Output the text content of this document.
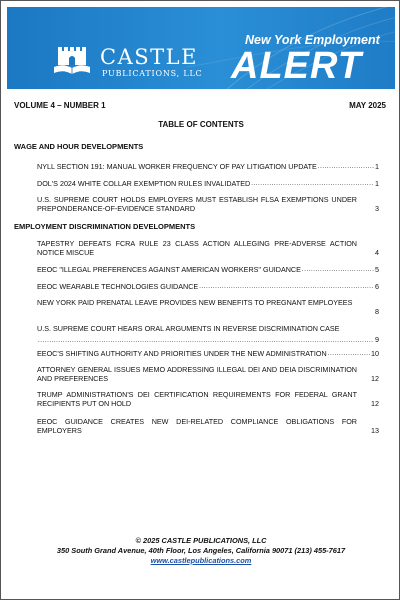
CASTLE
PUBLICATIONS, LLC
New York Employment
ALERT
VOLUME 4 – NUMBER 1	MAY 2025
TABLE OF CONTENTS
WAGE AND HOUR DEVELOPMENTS
NYLL SECTION 191: MANUAL WORKER FREQUENCY OF PAY LITIGATION UPDATE .....	1
DOL'S 2024 WHITE COLLAR EXEMPTION RULES INVALIDATED .....	1
U.S. SUPREME COURT HOLDS EMPLOYERS MUST ESTABLISH FLSA EXEMPTIONS UNDER PREPONDERANCE-OF-EVIDENCE STANDARD	3
EMPLOYMENT DISCRIMINATION DEVELOPMENTS
TAPESTRY DEFEATS FCRA RULE 23 CLASS ACTION ALLEGING PRE-ADVERSE ACTION NOTICE MISCUE	4
EEOC "ILLEGAL PREFERENCES AGAINST AMERICAN WORKERS" GUIDANCE .....	5
EEOC WEARABLE TECHNOLOGIES GUIDANCE .....	6
NEW YORK PAID PRENATAL LEAVE PROVIDES NEW BENEFITS TO PREGNANT EMPLOYEES
8
U.S. SUPREME COURT HEARS ORAL ARGUMENTS IN REVERSE DISCRIMINATION CASE
.....
9
EEOC'S SHIFTING AUTHORITY AND PRIORITIES UNDER THE NEW ADMINISTRATION .....	10
ATTORNEY GENERAL ISSUES MEMO ADDRESSING ILLEGAL DEI AND DEIA DISCRIMINATION AND PREFERENCES	12
TRUMP ADMINISTRATION'S DEI CERTIFICATION REQUIREMENTS FOR FEDERAL GRANT RECIPIENTS PUT ON HOLD	12
EEOC GUIDANCE CREATES NEW DEI-RELATED COMPLIANCE OBLIGATIONS FOR EMPLOYERS	13
© 2025 CASTLE PUBLICATIONS, LLC
350 South Grand Avenue, 40th Floor, Los Angeles, California 90071 (213) 455-7617
www.castlepublications.com
